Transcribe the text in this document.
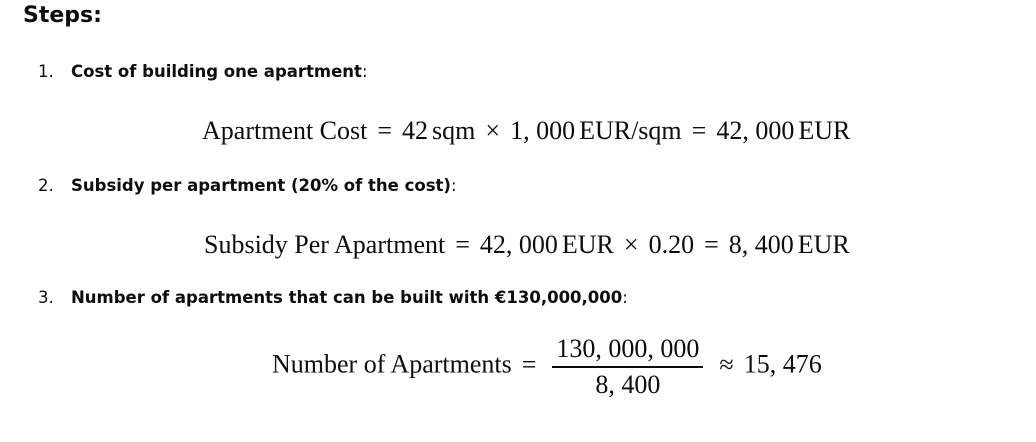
Steps:
1. Cost of building one apartment:
Apartment Cost = 42 sqm × 1, 000 EUR/sqm = 42, 000 EUR
2. Subsidy per apartment (20% of the cost):
Subsidy Per Apartment = 42, 000 EUR × 0.20 = 8, 400 EUR
3. Number of apartments that can be built with €130,000,000:
Number of Apartments = $\frac{130, 000, 000}{8, 400} \approx 15$, 476
